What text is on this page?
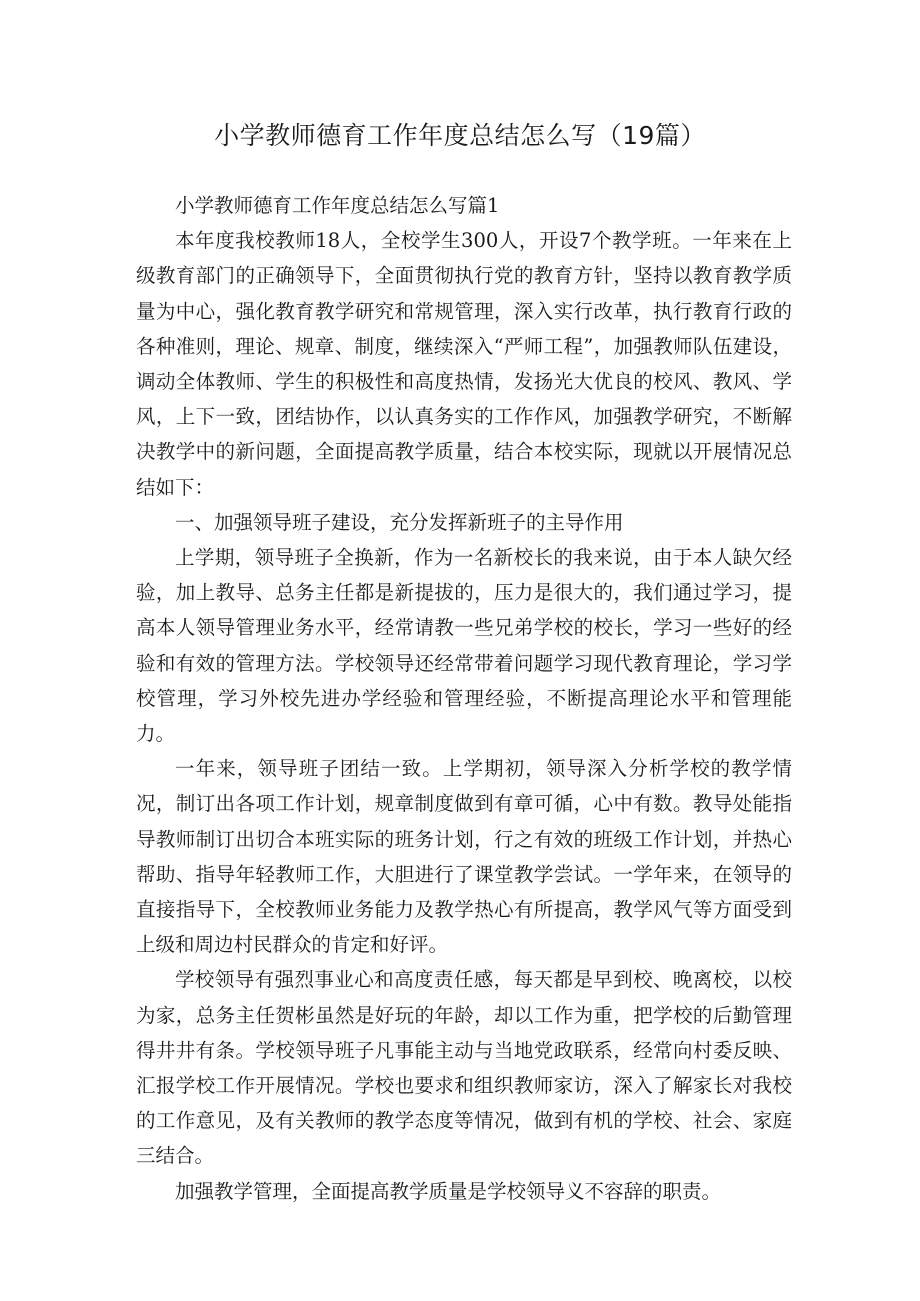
小学教师德育工作年度总结怎么写（19篇）

小学教师德育工作年度总结怎么写篇1

本年度我校教师18人，全校学生300人，开设7个教学班。一年来在上级教育部门的正确领导下，全面贯彻执行党的教育方针，坚持以教育教学质量为中心，强化教育教学研究和常规管理，深入实行改革，执行教育行政的各种准则，理论、规章、制度，继续深入“严师工程”，加强教师队伍建设，调动全体教师、学生的积极性和高度热情，发扬光大优良的校风、教风、学风，上下一致，团结协作，以认真务实的工作作风，加强教学研究，不断解决教学中的新问题，全面提高教学质量，结合本校实际，现就以开展情况总结如下：

一、加强领导班子建设，充分发挥新班子的主导作用

上学期，领导班子全换新，作为一名新校长的我来说，由于本人缺欠经验，加上教导、总务主任都是新提拔的，压力是很大的，我们通过学习，提高本人领导管理业务水平，经常请教一些兄弟学校的校长，学习一些好的经验和有效的管理方法。学校领导还经常带着问题学习现代教育理论，学习学校管理，学习外校先进办学经验和管理经验，不断提高理论水平和管理能力。

一年来，领导班子团结一致。上学期初，领导深入分析学校的教学情况，制订出各项工作计划，规章制度做到有章可循，心中有数。教导处能指导教师制订出切合本班实际的班务计划，行之有效的班级工作计划，并热心帮助、指导年轻教师工作，大胆进行了课堂教学尝试。一学年来，在领导的直接指导下，全校教师业务能力及教学热心有所提高，教学风气等方面受到上级和周边村民群众的肯定和好评。

学校领导有强烈事业心和高度责任感，每天都是早到校、晚离校，以校为家，总务主任贺彬虽然是好玩的年龄，却以工作为重，把学校的后勤管理得井井有条。学校领导班子凡事能主动与当地党政联系，经常向村委反映、汇报学校工作开展情况。学校也要求和组织教师家访，深入了解家长对我校的工作意见，及有关教师的教学态度等情况，做到有机的学校、社会、家庭三结合。

加强教学管理，全面提高教学质量是学校领导义不容辞的职责。
